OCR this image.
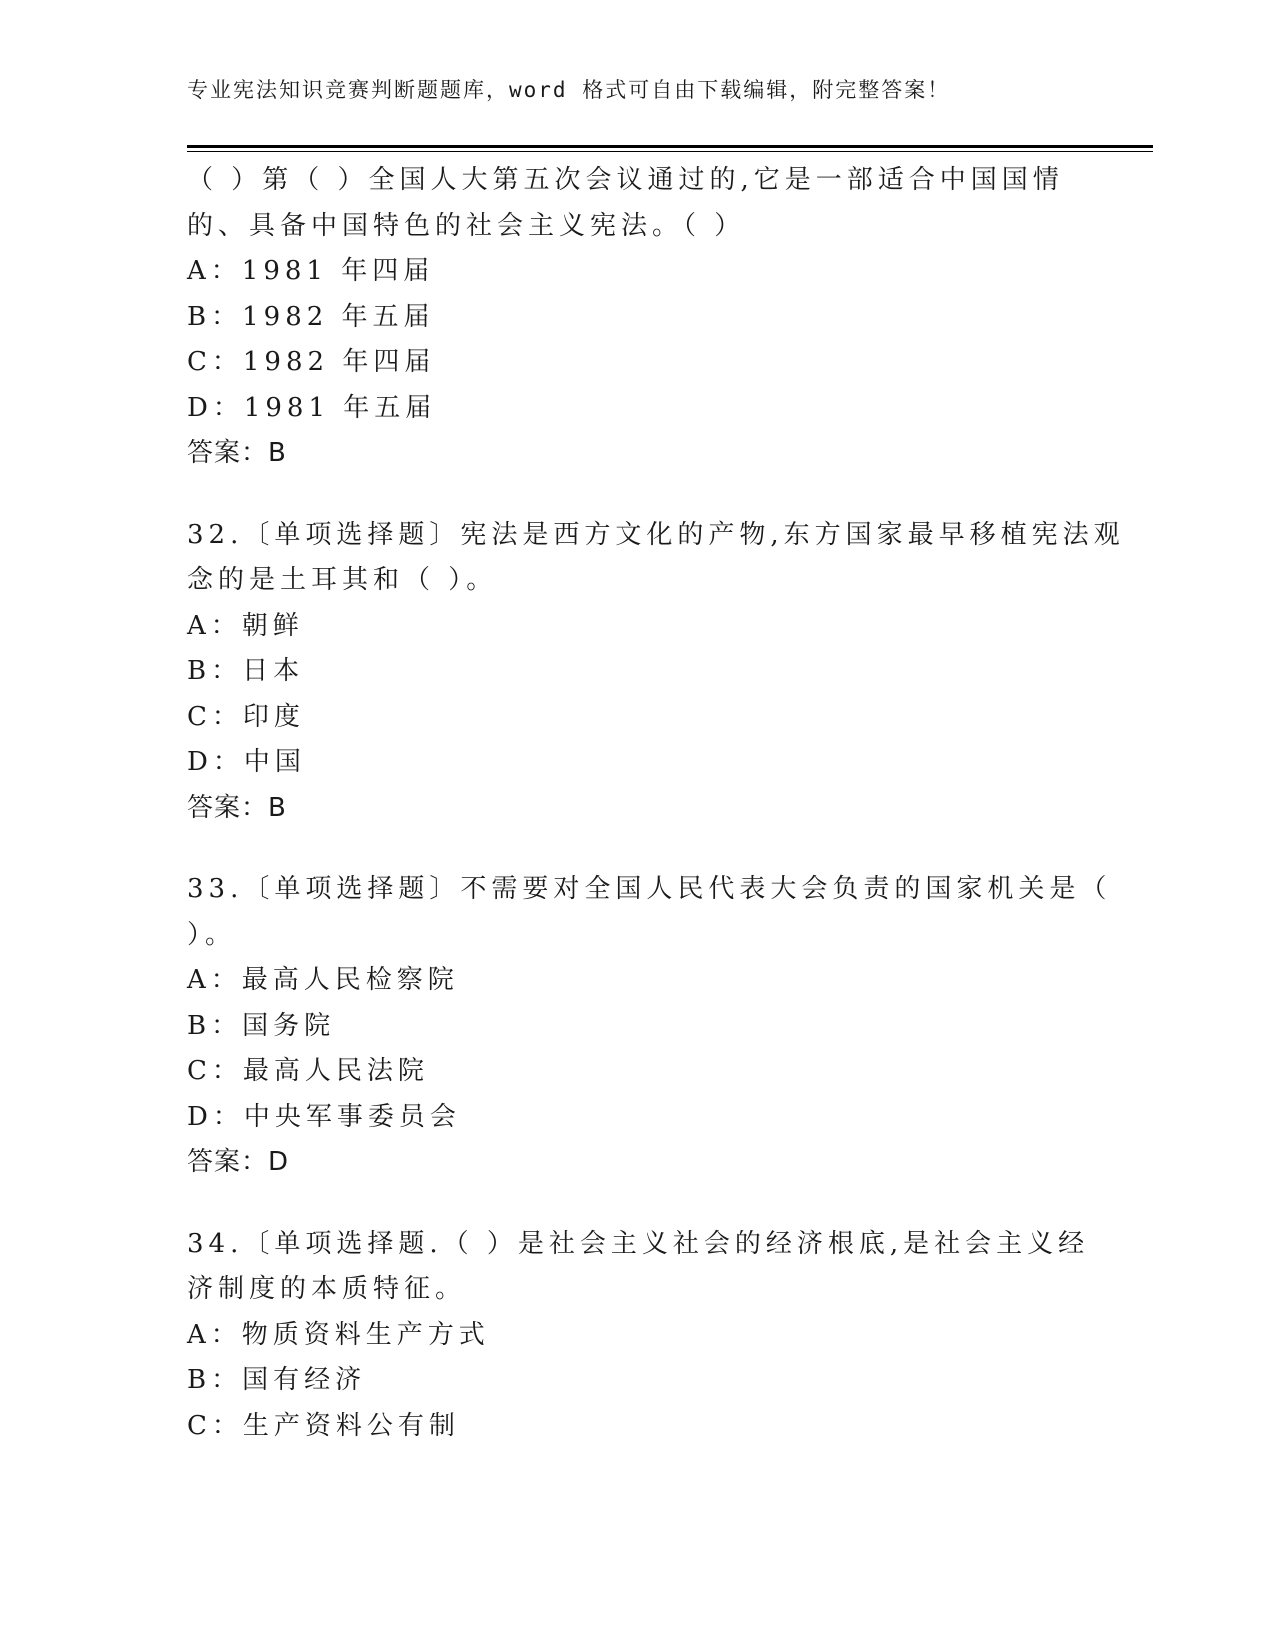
专业宪法知识竞赛判断题题库，word 格式可自由下载编辑，附完整答案！
（ ）第（ ）全国人大第五次会议通过的,它是一部适合中国国情
的、具备中国特色的社会主义宪法。（ ）
A：1981 年四届
B：1982 年五届
C：1982 年四届
D：1981 年五届
答案：B
32.〔单项选择题〕宪法是西方文化的产物,东方国家最早移植宪法观
念的是土耳其和（ ）。
A：朝鲜
B：日本
C：印度
D：中国
答案：B
33.〔单项选择题〕不需要对全国人民代表大会负责的国家机关是（
）。
A：最高人民检察院
B：国务院
C：最高人民法院
D：中央军事委员会
答案：D
34.〔单项选择题.（ ）是社会主义社会的经济根底,是社会主义经
济制度的本质特征。
A：物质资料生产方式
B：国有经济
C：生产资料公有制
